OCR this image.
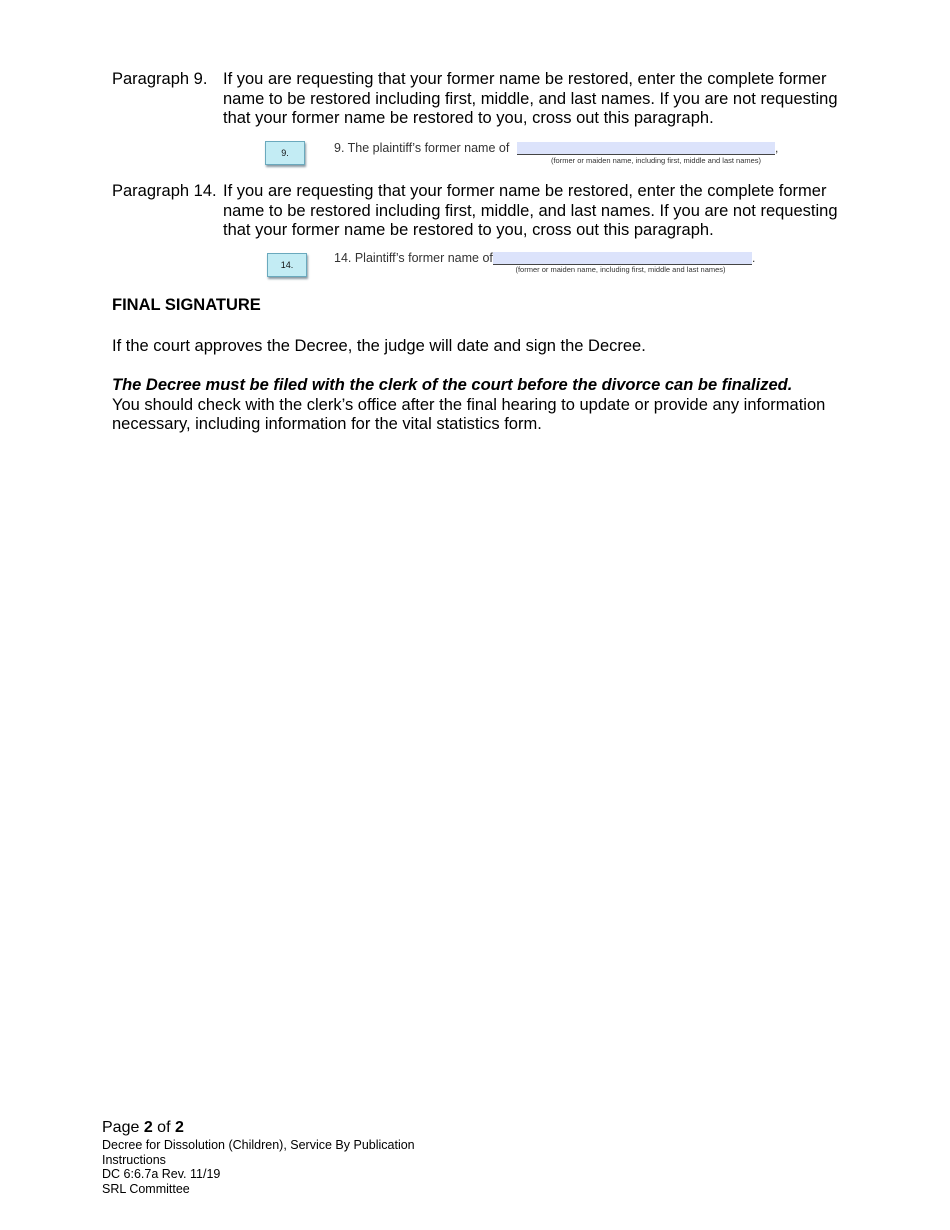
Paragraph 9. If you are requesting that your former name be restored, enter the complete former name to be restored including first, middle, and last names. If you are not requesting that your former name be restored to you, cross out this paragraph.
9.	9. The plaintiff’s former name of	,
(former or maiden name, including first, middle and last names)
Paragraph 14. If you are requesting that your former name be restored, enter the complete former name to be restored including first, middle, and last names. If you are not requesting that your former name be restored to you, cross out this paragraph.
14.	14. Plaintiff’s former name of	.
(former or maiden name, including first, middle and last names)
FINAL SIGNATURE
If the court approves the Decree, the judge will date and sign the Decree.
The Decree must be filed with the clerk of the court before the divorce can be finalized.
You should check with the clerk’s office after the final hearing to update or provide any information necessary, including information for the vital statistics form.
Page 2 of 2
Decree for Dissolution (Children), Service By Publication
Instructions
DC 6:6.7a Rev. 11/19
SRL Committee
